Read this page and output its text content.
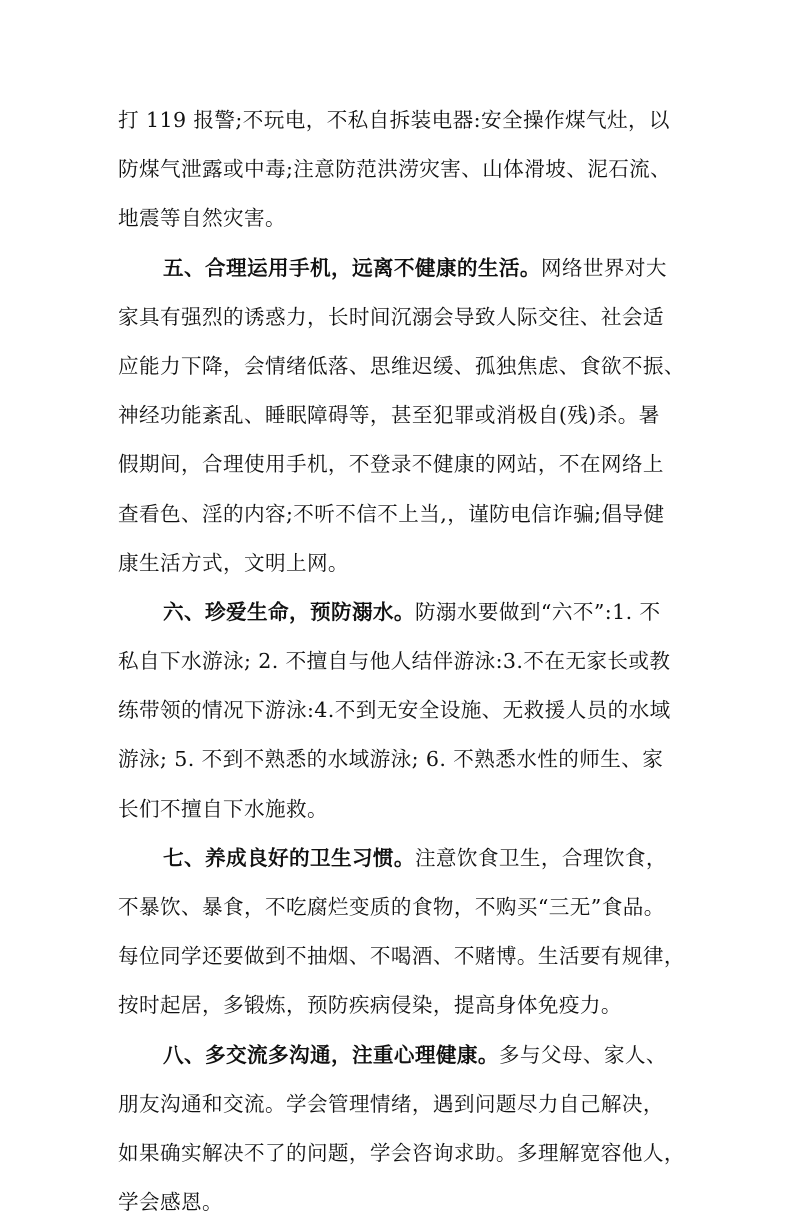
打 119 报警;不玩电，不私自拆装电器:安全操作煤气灶，以
防煤气泄露或中毒;注意防范洪涝灾害、山体滑坡、泥石流、
地震等自然灾害。
五、合理运用手机，远离不健康的生活。网络世界对大
家具有强烈的诱惑力，长时间沉溺会导致人际交往、社会适
应能力下降，会情绪低落、思维迟缓、孤独焦虑、食欲不振、
神经功能紊乱、睡眠障碍等，甚至犯罪或消极自(残)杀。暑
假期间，合理使用手机，不登录不健康的网站，不在网络上
查看色、淫的内容;不听不信不上当,，谨防电信诈骗;倡导健
康生活方式，文明上网。
六、珍爱生命，预防溺水。防溺水要做到“六不”:1. 不
私自下水游泳; 2. 不擅自与他人结伴游泳:3.不在无家长或教
练带领的情况下游泳:4.不到无安全设施、无救援人员的水域
游泳; 5. 不到不熟悉的水域游泳; 6. 不熟悉水性的师生、家
长们不擅自下水施救。
七、养成良好的卫生习惯。注意饮食卫生，合理饮食，
不暴饮、暴食，不吃腐烂变质的食物，不购买“三无”食品。
每位同学还要做到不抽烟、不喝酒、不赌博。生活要有规律，
按时起居，多锻炼，预防疾病侵染，提高身体免疫力。
八、多交流多沟通，注重心理健康。多与父母、家人、
朋友沟通和交流。学会管理情绪，遇到问题尽力自己解决，
如果确实解决不了的问题，学会咨询求助。多理解宽容他人，
学会感恩。
